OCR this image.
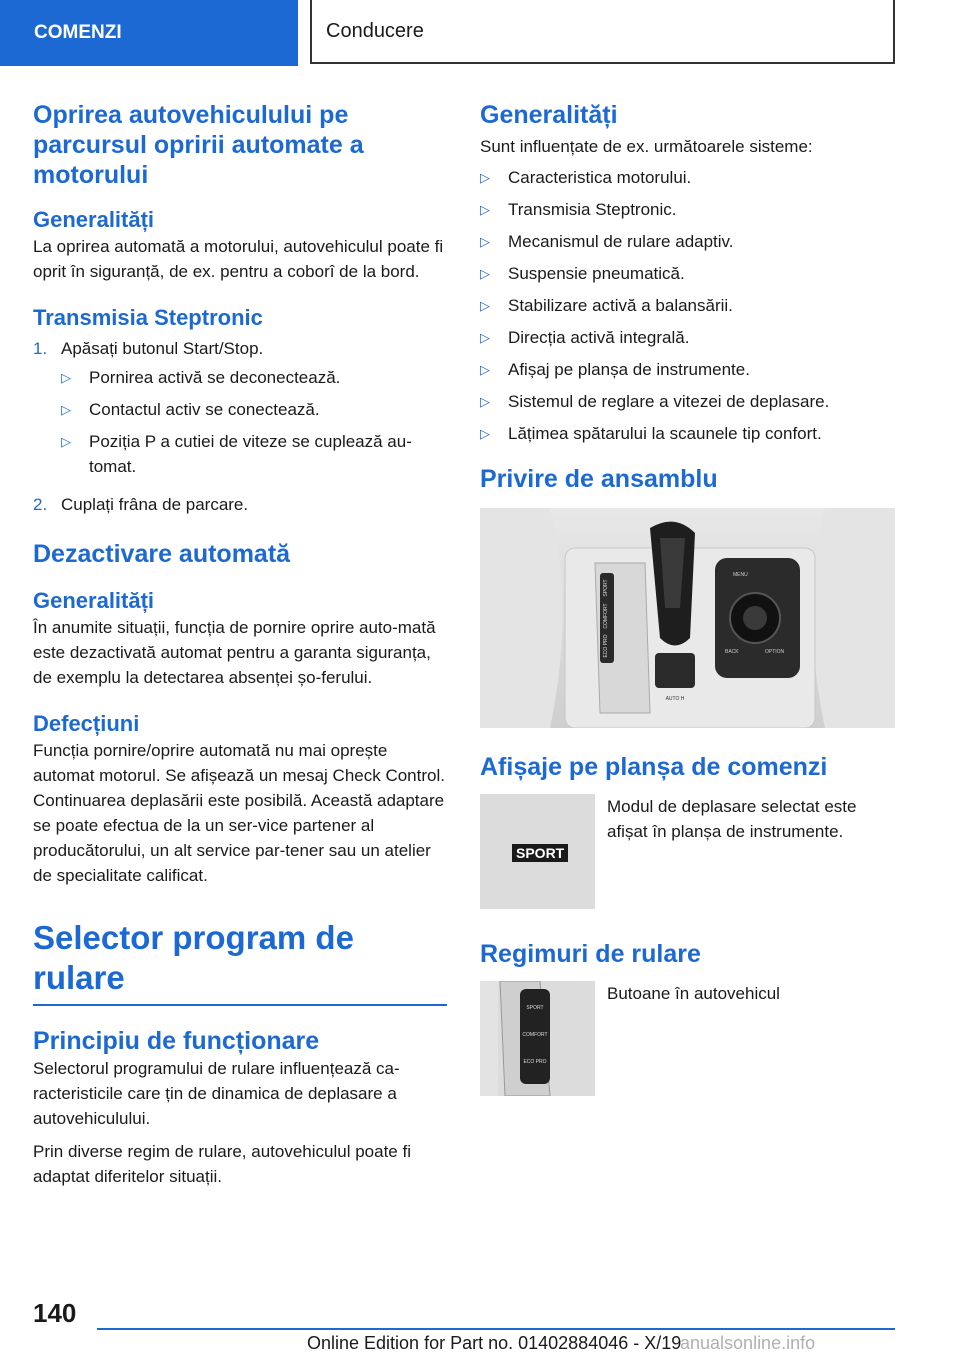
COMENZI	Conducere
Oprirea autovehiculului pe parcursul opririi automate a motorului
Generalități

La oprirea automată a motorului, autovehiculul poate fi oprit în siguranță, de ex. pentru a coborî de la bord.

Transmisia Steptronic
1. Apăsați butonul Start/Stop.
▷	Pornirea activă se deconectează.
▷	Contactul activ se conectează.
▷	Poziția P a cutiei de viteze se cuplează au-tomat.
2. Cuplați frâna de parcare.
Dezactivare automată
Generalități

În anumite situații, funcția de pornire oprire auto-mată este dezactivată automat pentru a garanta siguranța, de exemplu la detectarea absenței șo-ferului.

Defecțiuni

Funcția pornire/oprire automată nu mai oprește automat motorul. Se afișează un mesaj Check Control. Continuarea deplasării este posibilă. Această adaptare se poate efectua de la un ser-vice partener al producătorului, un alt service par-tener sau un atelier de specialitate calificat.

Selector program de rulare
Principiu de funcționare

Selectorul programului de rulare influențează ca-racteristicile care țin de dinamica de deplasare a autovehiculului.

Prin diverse regim de rulare, autovehiculul poate fi adaptat diferitelor situații.

Generalități

Sunt influențate de ex. următoarele sisteme:

▷	Caracteristica motorului.
▷	Transmisia Steptronic.
▷	Mecanismul de rulare adaptiv.
▷	Suspensie pneumatică.
▷	Stabilizare activă a balansării.
▷	Direcția activă integrală.
▷	Afișaj pe planșa de instrumente.
▷	Sistemul de reglare a vitezei de deplasare.
▷	Lățimea spătarului la scaunele tip confort.
Privire de ansamblu
SPORT
COMFORT
ECO PRO
AUTO H
MENU
BACK	OPTION
Afișaje pe planșa de comenzi
SPORT
Modul de deplasare selectat este afișat în planșa de instrumente.
Regimuri de rulare
SPORT
COMFORT
ECO PRO
Butoane în autovehicul
140
Online Edition for Part no. 01402884046 - X/19
anualsonline.info
